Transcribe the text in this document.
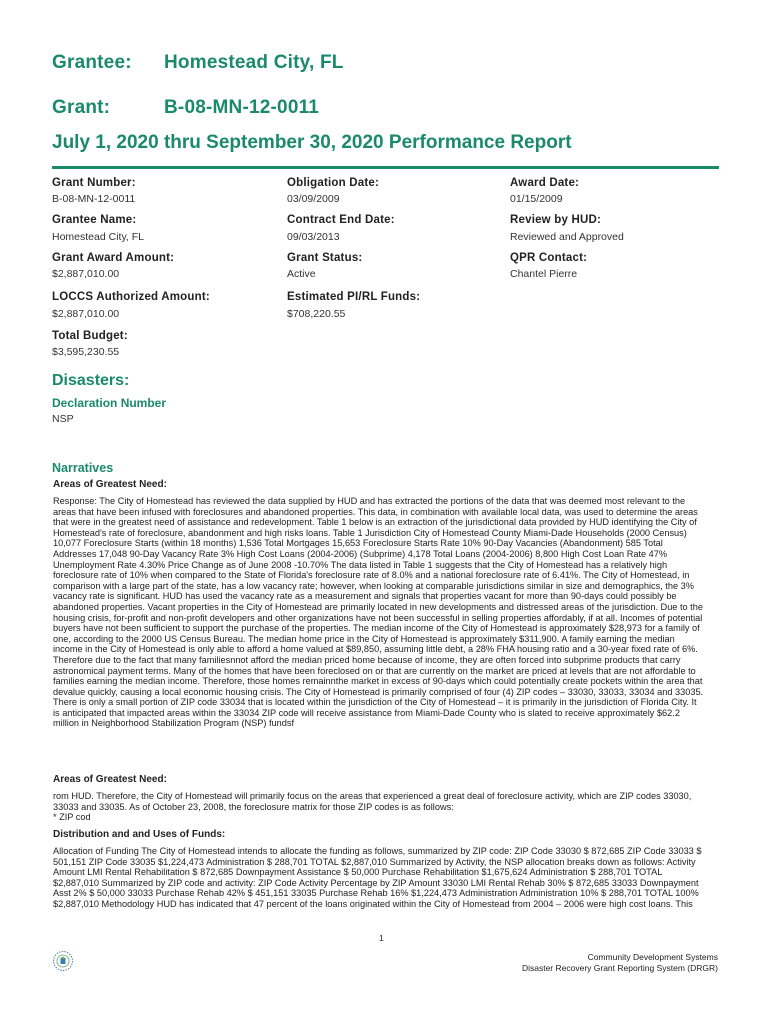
Grantee: Homestead City, FL
Grant:	B-08-MN-12-0011
July 1, 2020 thru September 30, 2020 Performance Report
Grant Number:
B-08-MN-12-0011
Obligation Date:
03/09/2009
Award Date:
01/15/2009
Grantee Name:
Homestead City, FL
Contract End Date:
09/03/2013
Review by HUD:
Reviewed and Approved
Grant Award Amount:
$2,887,010.00
Grant Status:
Active
QPR Contact:
Chantel Pierre
LOCCS Authorized Amount:
$2,887,010.00
Estimated PI/RL Funds:
$708,220.55
Total Budget:
$3,595,230.55
Disasters:
Declaration Number
NSP
Narratives
Areas of Greatest Need:

Response: The City of Homestead has reviewed the data supplied by HUD and has extracted the portions of the data that was deemed most relevant to the areas that have been infused with foreclosures and abandoned properties. This data, in combination with available local data, was used to determine the areas that were in the greatest need of assistance and redevelopment. Table 1 below is an extraction of the jurisdictional data provided by HUD identifying the City of Homestead's rate of foreclosure, abandonment and high risks loans. Table 1 Jurisdiction City of Homestead County Miami-Dade Households (2000 Census) 10,077 Foreclosure Starts (within 18 months) 1,536 Total Mortgages 15,653 Foreclosure Starts Rate 10% 90-Day Vacancies (Abandonment) 585 Total Addresses 17,048 90-Day Vacancy Rate 3% High Cost Loans (2004-2006) (Subprime) 4,178 Total Loans (2004-2006) 8,800 High Cost Loan Rate 47% Unemployment Rate 4.30% Price Change as of June 2008 -10.70% The data listed in Table 1 suggests that the City of Homestead has a relatively high foreclosure rate of 10% when compared to the State of Florida's foreclosure rate of 8.0% and a national foreclosure rate of 6.41%. The City of Homestead, in comparison with a large part of the state, has a low vacancy rate; however, when looking at comparable jurisdictions similar in size and demographics, the 3% vacancy rate is significant. HUD has used the vacancy rate as a measurement and signals that properties vacant for more than 90-days could possibly be abandoned properties. Vacant properties in the City of Homestead are primarily located in new developments and distressed areas of the jurisdiction. Due to the housing crisis, for-profit and non-profit developers and other organizations have not been successful in selling properties affordably, if at all. Incomes of potential buyers have not been sufficient to support the purchase of the properties. The median income of the City of Homestead is approximately $28,973 for a family of one, according to the 2000 US Census Bureau. The median home price in the City of Homestead is approximately $311,900. A family earning the median income in the City of Homestead is only able to afford a home valued at $89,850, assuming little debt, a 28% FHA housing ratio and a 30-year fixed rate of 6%. Therefore due to the fact that many familiesnnot afford the median priced home because of income, they are often forced into subprime products that carry astronomical payment terms. Many of the homes that have been foreclosed on or that are currently on the market are priced at levels that are not affordable to families earning the median income. Therefore, those homes remainnthe market in excess of 90-days which could potentially create pockets within the area that devalue quickly, causing a local economic housing crisis. The City of Homestead is primarily comprised of four (4) ZIP codes – 33030, 33033, 33034 and 33035. There is only a small portion of ZIP code 33034 that is located within the jurisdiction of the City of Homestead – it is primarily in the jurisdiction of Florida City. It is anticipated that impacted areas within the 33034 ZIP code will receive assistance from Miami-Dade County who is slated to receive approximately $62.2 million in Neighborhood Stabilization Program (NSP) fundsf

Areas of Greatest Need:

rom HUD. Therefore, the City of Homestead will primarily focus on the areas that experienced a great deal of foreclosure activity, which are ZIP codes 33030, 33033 and 33035. As of October 23, 2008, the foreclosure matrix for those ZIP codes is as follows:
* ZIP cod

Distribution and and Uses of Funds:

Allocation of Funding The City of Homestead intends to allocate the funding as follows, summarized by ZIP code: ZIP Code 33030 $ 872,685 ZIP Code 33033 $ 501,151 ZIP Code 33035 $1,224,473 Administration $ 288,701 TOTAL $2,887,010 Summarized by Activity, the NSP allocation breaks down as follows: Activity Amount LMI Rental Rehabilitation $ 872,685 Downpayment Assistance $ 50,000 Purchase Rehabilitation $1,675,624 Administration $ 288,701 TOTAL $2,887,010 Summarized by ZIP code and activity: ZIP Code Activity Percentage by ZIP Amount 33030 LMI Rental Rehab 30% $ 872,685 33033 Downpayment Asst 2% $ 50,000 33033 Purchase Rehab 42% $ 451,151 33035 Purchase Rehab 16% $1,224,473 Administration Administration 10% $ 288,701 TOTAL 100% $2,887,010 Methodology HUD has indicated that 47 percent of the loans originated within the City of Homestead from 2004 – 2006 were high cost loans. This

1
Community Development Systems
Disaster Recovery Grant Reporting System (DRGR)
